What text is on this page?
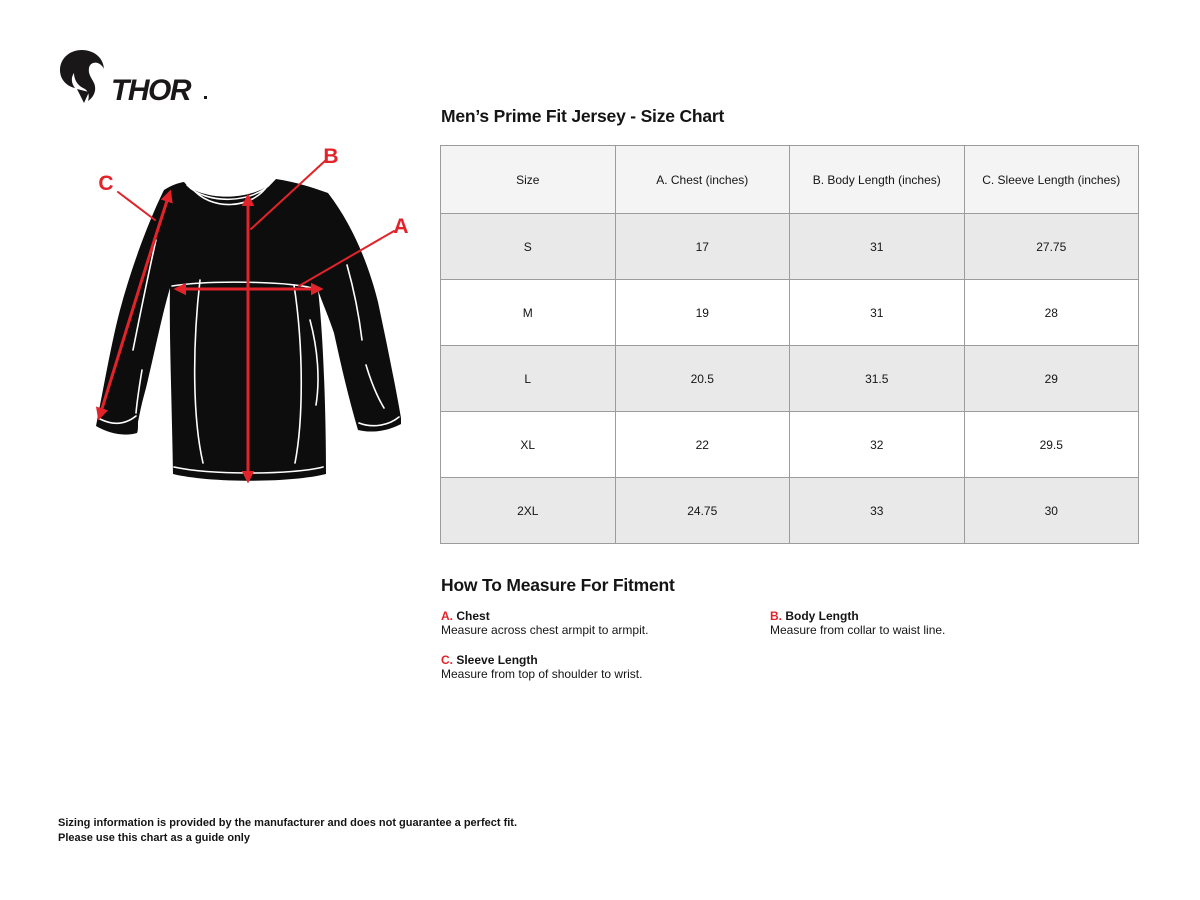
THOR
A
B
C
Men’s Prime Fit Jersey - Size Chart
Size	A. Chest (inches)	B. Body Length (inches)	C. Sleeve Length (inches)
S	17	31	27.75
M	19	31	28
L	20.5	31.5	29
XL	22	32	29.5
2XL	24.75	33	30
How To Measure For Fitment
A. Chest
Measure across chest armpit to armpit.
B. Body Length
Measure from collar to waist line.
C. Sleeve Length
Measure from top of shoulder to wrist.
Sizing information is provided by the manufacturer and does not guarantee a perfect fit.
Please use this chart as a guide only
